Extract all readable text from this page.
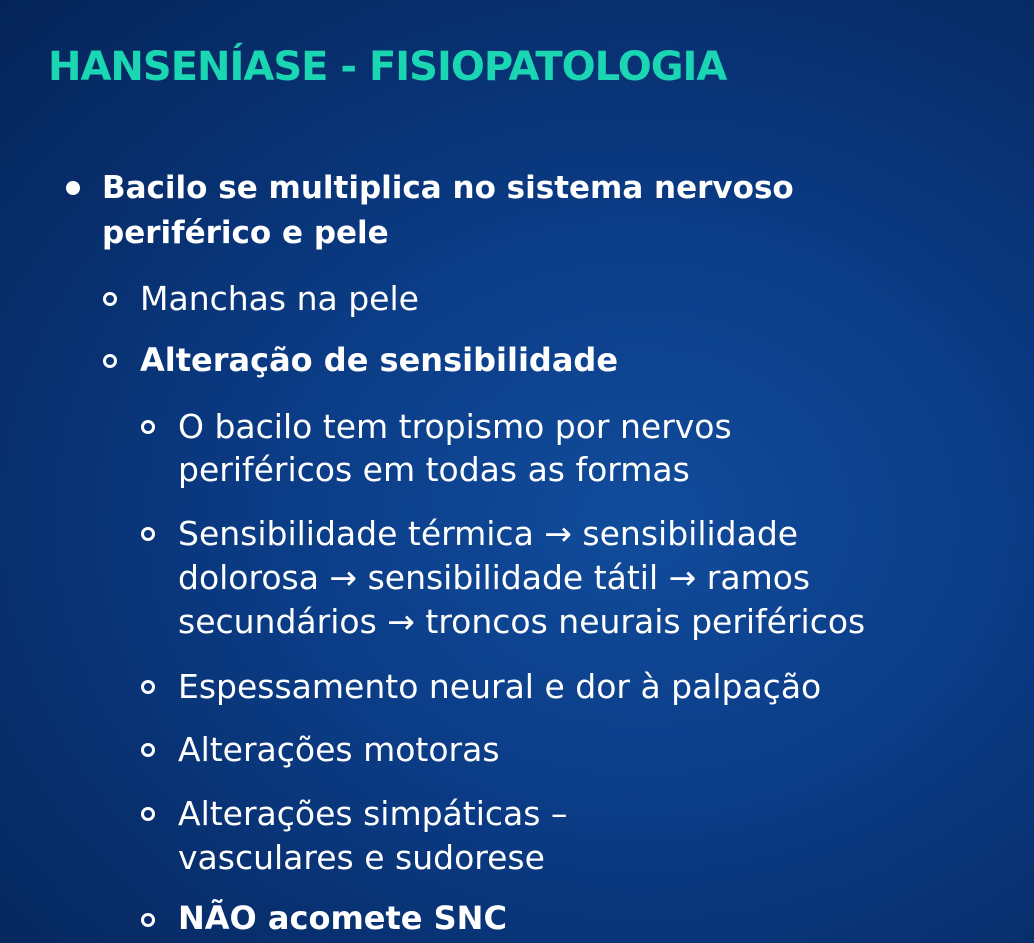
HANSENÍASE - FISIOPATOLOGIA
Bacilo se multiplica no sistema nervoso
periférico e pele
Manchas na pele
Alteração de sensibilidade
O bacilo tem tropismo por nervos
periféricos em todas as formas
Sensibilidade térmica → sensibilidade
dolorosa → sensibilidade tátil → ramos
secundários → troncos neurais periféricos
Espessamento neural e dor à palpação
Alterações motoras
Alterações simpáticas –
vasculares e sudorese
NÃO acomete SNC
